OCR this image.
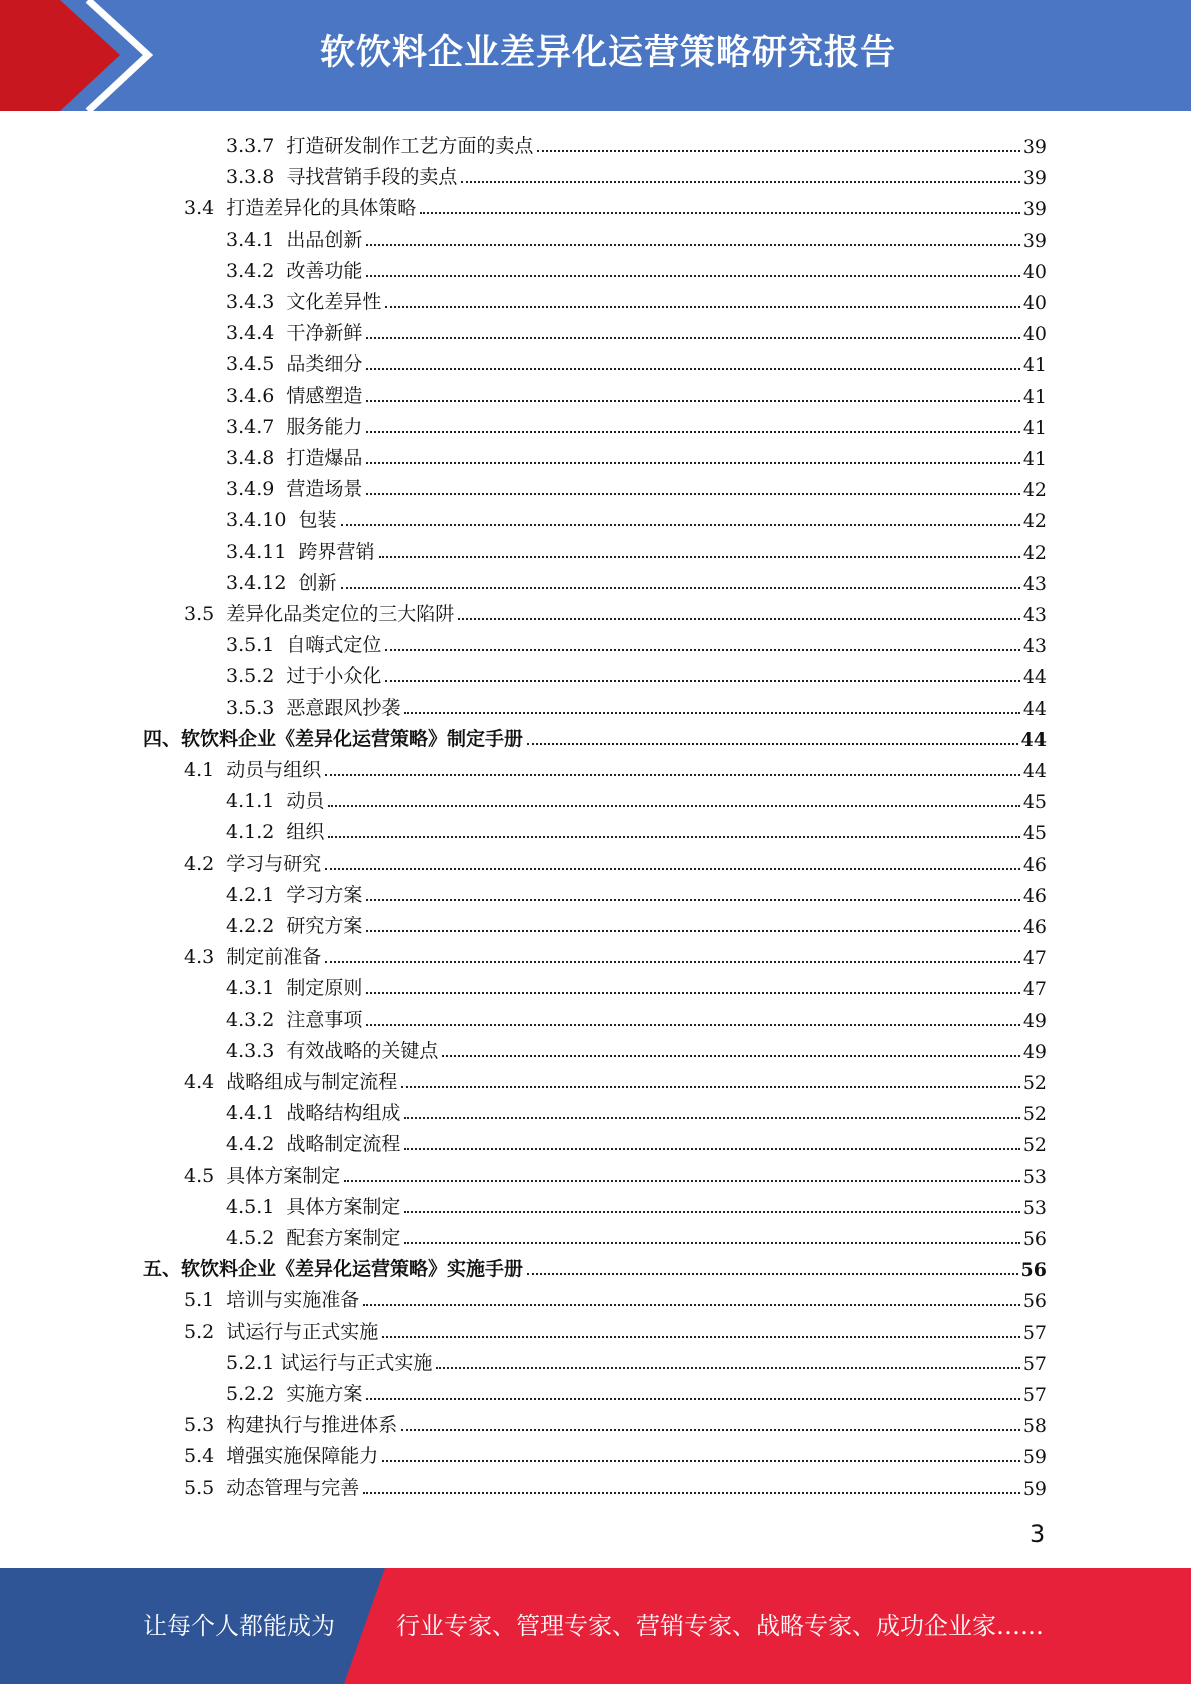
软饮料企业差异化运营策略研究报告
3.3.7  打造研发制作工艺方面的卖点	39
3.3.8  寻找营销手段的卖点	39
3.4  打造差异化的具体策略	39
3.4.1  出品创新	39
3.4.2  改善功能	40
3.4.3  文化差异性	40
3.4.4  干净新鲜	40
3.4.5  品类细分	41
3.4.6  情感塑造	41
3.4.7  服务能力	41
3.4.8  打造爆品	41
3.4.9  营造场景	42
3.4.10  包装	42
3.4.11  跨界营销	42
3.4.12  创新	43
3.5  差异化品类定位的三大陷阱	43
3.5.1  自嗨式定位	43
3.5.2  过于小众化	44
3.5.3  恶意跟风抄袭	44
四、软饮料企业《差异化运营策略》制定手册	44
4.1  动员与组织	44
4.1.1  动员	45
4.1.2  组织	45
4.2  学习与研究	46
4.2.1  学习方案	46
4.2.2  研究方案	46
4.3  制定前准备	47
4.3.1  制定原则	47
4.3.2  注意事项	49
4.3.3  有效战略的关键点	49
4.4  战略组成与制定流程	52
4.4.1  战略结构组成	52
4.4.2  战略制定流程	52
4.5  具体方案制定	53
4.5.1  具体方案制定	53
4.5.2  配套方案制定	56
五、软饮料企业《差异化运营策略》实施手册	56
5.1  培训与实施准备	56
5.2  试运行与正式实施	57
5.2.1 试运行与正式实施	57
5.2.2  实施方案	57
5.3  构建执行与推进体系	58
5.4  增强实施保障能力	59
5.5  动态管理与完善	59
3
让每个人都能成为	行业专家、管理专家、营销专家、战略专家、成功企业家……
